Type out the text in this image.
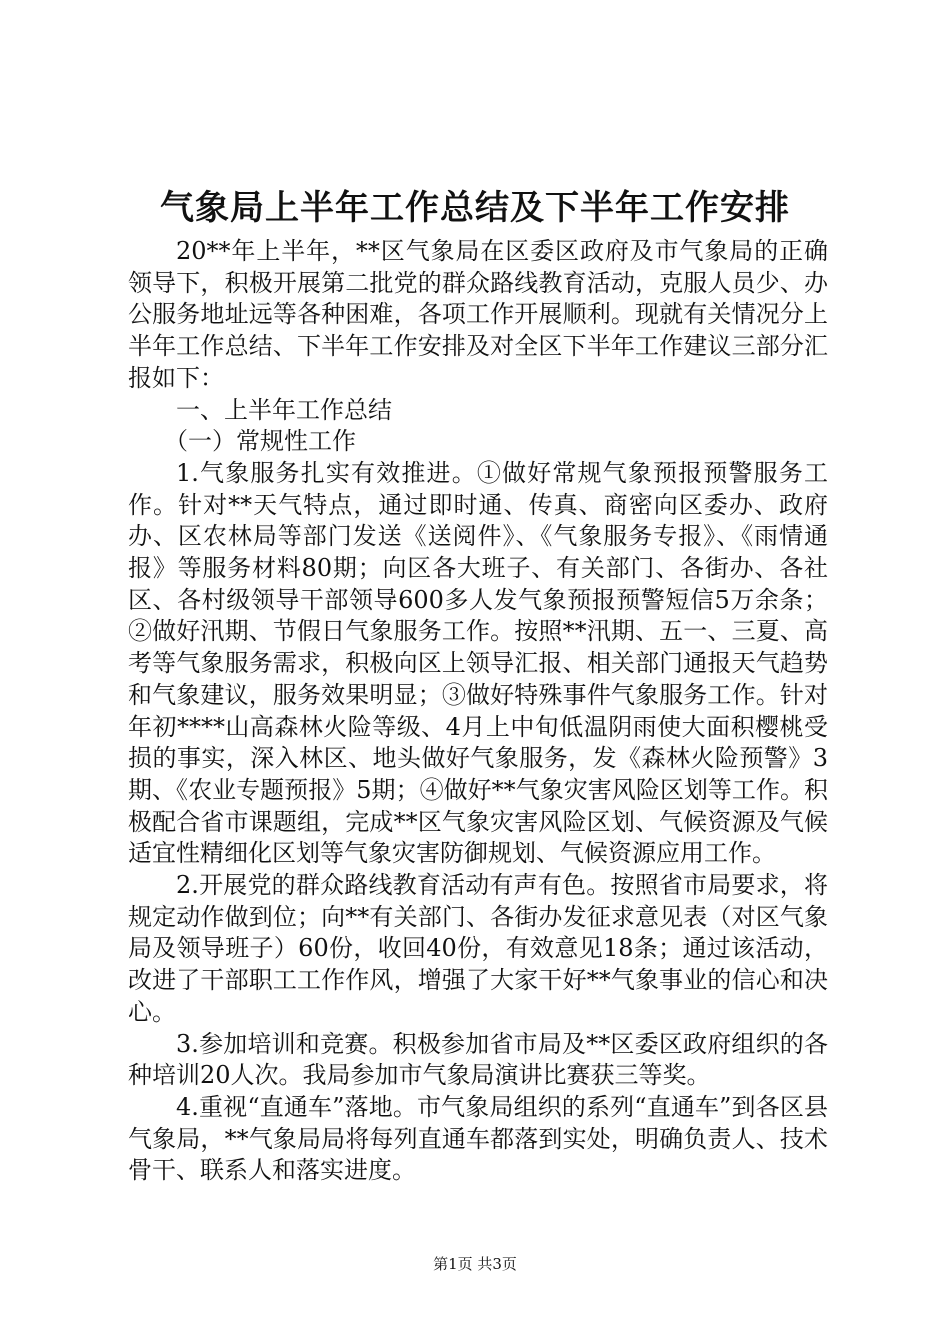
气象局上半年工作总结及下半年工作安排

20**年上半年，**区气象局在区委区政府及市气象局的正确领导下，积极开展第二批党的群众路线教育活动，克服人员少、办公服务地址远等各种困难，各项工作开展顺利。现就有关情况分上半年工作总结、下半年工作安排及对全区下半年工作建议三部分汇报如下：

一、上半年工作总结

（一）常规性工作

1.气象服务扎实有效推进。①做好常规气象预报预警服务工作。针对**天气特点，通过即时通、传真、商密向区委办、政府办、区农林局等部门发送《送阅件》、《气象服务专报》、《雨情通报》等服务材料80期；向区各大班子、有关部门、各街办、各社区、各村级领导干部领导600多人发气象预报预警短信5万余条；②做好汛期、节假日气象服务工作。按照**汛期、五一、三夏、高考等气象服务需求，积极向区上领导汇报、相关部门通报天气趋势和气象建议，服务效果明显；③做好特殊事件气象服务工作。针对年初****山高森林火险等级、4月上中旬低温阴雨使大面积樱桃受损的事实，深入林区、地头做好气象服务，发《森林火险预警》3期、《农业专题预报》5期；④做好**气象灾害风险区划等工作。积极配合省市课题组，完成**区气象灾害风险区划、气候资源及气候适宜性精细化区划等气象灾害防御规划、气候资源应用工作。

2.开展党的群众路线教育活动有声有色。按照省市局要求，将规定动作做到位；向**有关部门、各街办发征求意见表（对区气象局及领导班子）60份，收回40份，有效意见18条；通过该活动，改进了干部职工工作作风，增强了大家干好**气象事业的信心和决心。

3.参加培训和竞赛。积极参加省市局及**区委区政府组织的各种培训20人次。我局参加市气象局演讲比赛获三等奖。

4.重视“直通车”落地。市气象局组织的系列“直通车”到各区县气象局，**气象局局将每列直通车都落到实处，明确负责人、技术骨干、联系人和落实进度。

第1页 共3页
